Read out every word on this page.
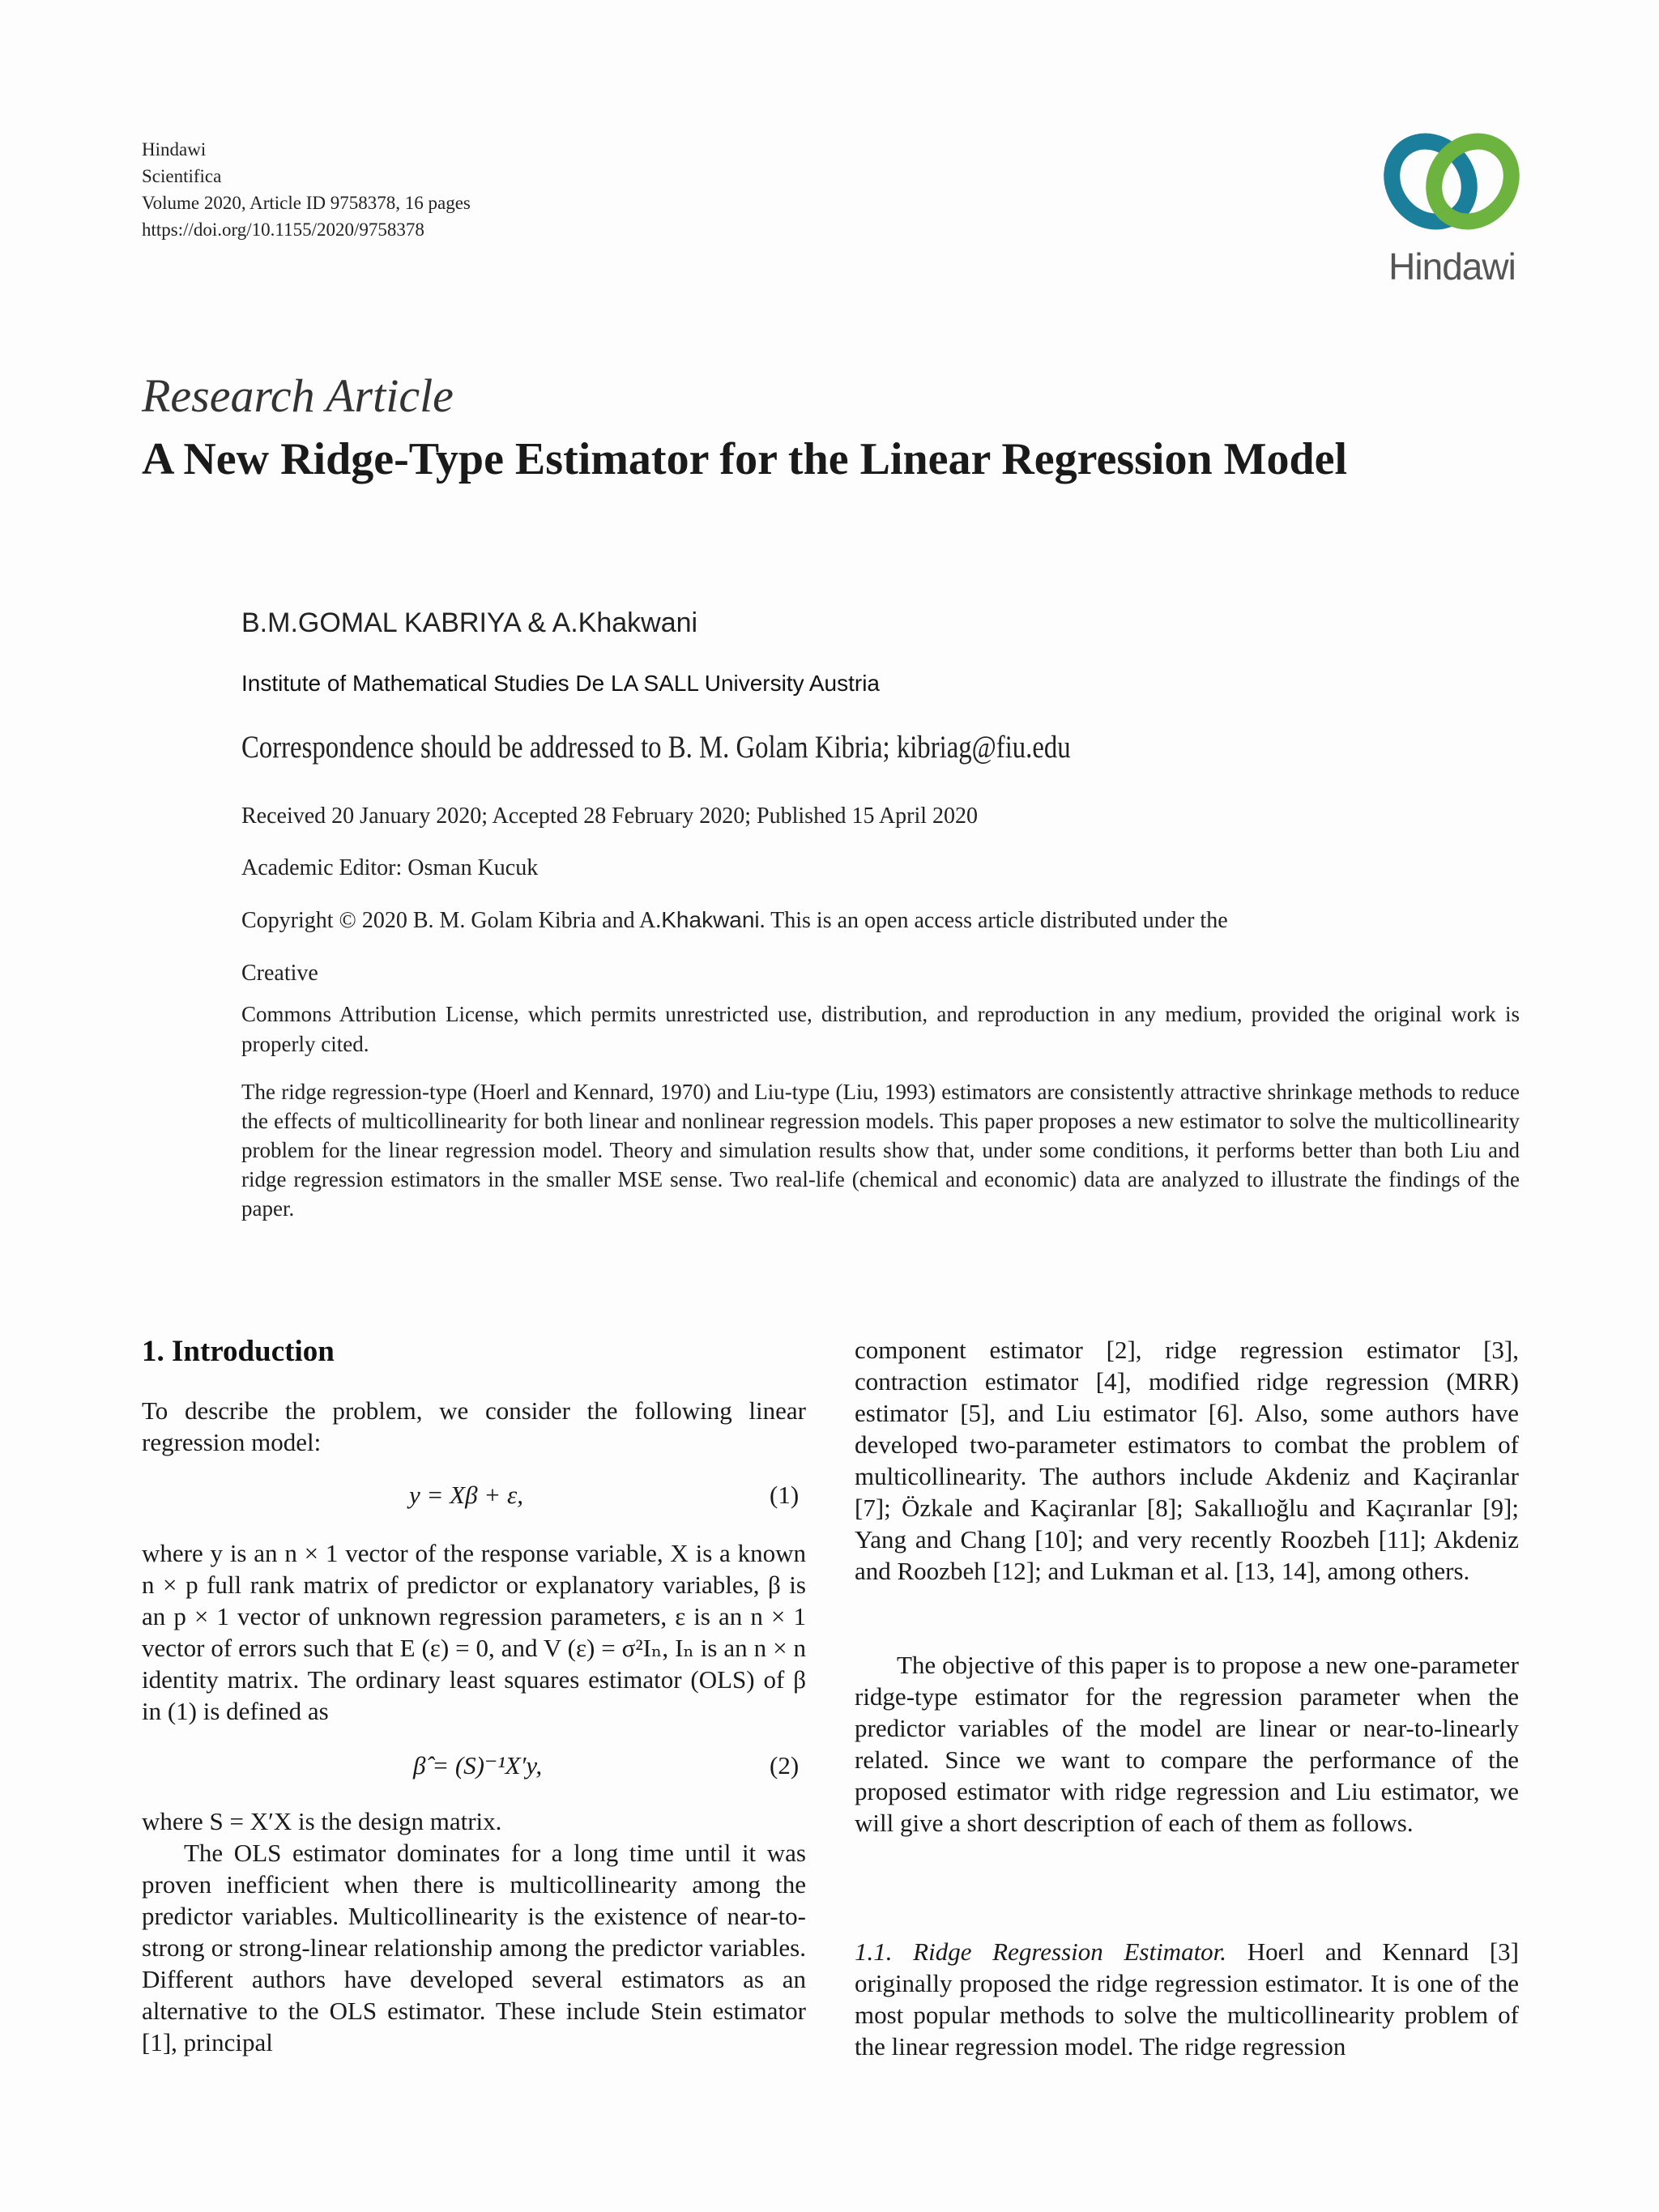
Hindawi
Scientifica
Volume 2020, Article ID 9758378, 16 pages
https://doi.org/10.1155/2020/9758378
Hindawi
Research Article
A New Ridge-Type Estimator for the Linear Regression Model
B.M.GOMAL KABRIYA & A.Khakwani
Institute of Mathematical Studies De LA SALL University Austria
Correspondence should be addressed to B. M. Golam Kibria; kibriag@fiu.edu
Received 20 January 2020; Accepted 28 February 2020; Published 15 April 2020
Academic Editor: Osman Kucuk
Copyright © 2020 B. M. Golam Kibria and A.Khakwani. This is an open access article distributed under the
Creative
Commons Attribution License, which permits unrestricted use, distribution, and reproduction in any medium, provided the original work is properly cited.
The ridge regression-type (Hoerl and Kennard, 1970) and Liu-type (Liu, 1993) estimators are consistently attractive shrinkage methods to reduce the effects of multicollinearity for both linear and nonlinear regression models. This paper proposes a new estimator to solve the multicollinearity problem for the linear regression model. Theory and simulation results show that, under some conditions, it performs better than both Liu and ridge regression estimators in the smaller MSE sense. Two real-life (chemical and economic) data are analyzed to illustrate the findings of the paper.
1. Introduction

To describe the problem, we consider the following linear regression model:

y = Xβ + ε,	(1)

where y is an n × 1 vector of the response variable, X is a known n × p full rank matrix of predictor or explanatory variables, β is an p × 1 vector of unknown regression parameters, ε is an n × 1 vector of errors such that E (ε) = 0, and V (ε) = σ²Iₙ, Iₙ is an n × n identity matrix. The ordinary least squares estimator (OLS) of β in (1) is defined as

β̂ = (S)⁻¹X′y,	(2)

where S = X′X is the design matrix.

The OLS estimator dominates for a long time until it was proven inefficient when there is multicollinearity among the predictor variables. Multicollinearity is the existence of near-to-strong or strong-linear relationship among the predictor variables. Different authors have developed several estimators as an alternative to the OLS estimator. These include Stein estimator [1], principal

component estimator [2], ridge regression estimator [3], contraction estimator [4], modified ridge regression (MRR) estimator [5], and Liu estimator [6]. Also, some authors have developed two-parameter estimators to combat the problem of multicollinearity. The authors include Akdeniz and Kaçiranlar [7]; Özkale and Kaçiranlar [8]; Sakallıoğlu and Kaçıranlar [9]; Yang and Chang [10]; and very recently Roozbeh [11]; Akdeniz and Roozbeh [12]; and Lukman et al. [13, 14], among others.

The objective of this paper is to propose a new one-parameter ridge-type estimator for the regression parameter when the predictor variables of the model are linear or near-to-linearly related. Since we want to compare the performance of the proposed estimator with ridge regression and Liu estimator, we will give a short description of each of them as follows.

1.1. Ridge Regression Estimator. Hoerl and Kennard [3] originally proposed the ridge regression estimator. It is one of the most popular methods to solve the multicollinearity problem of the linear regression model. The ridge regression
